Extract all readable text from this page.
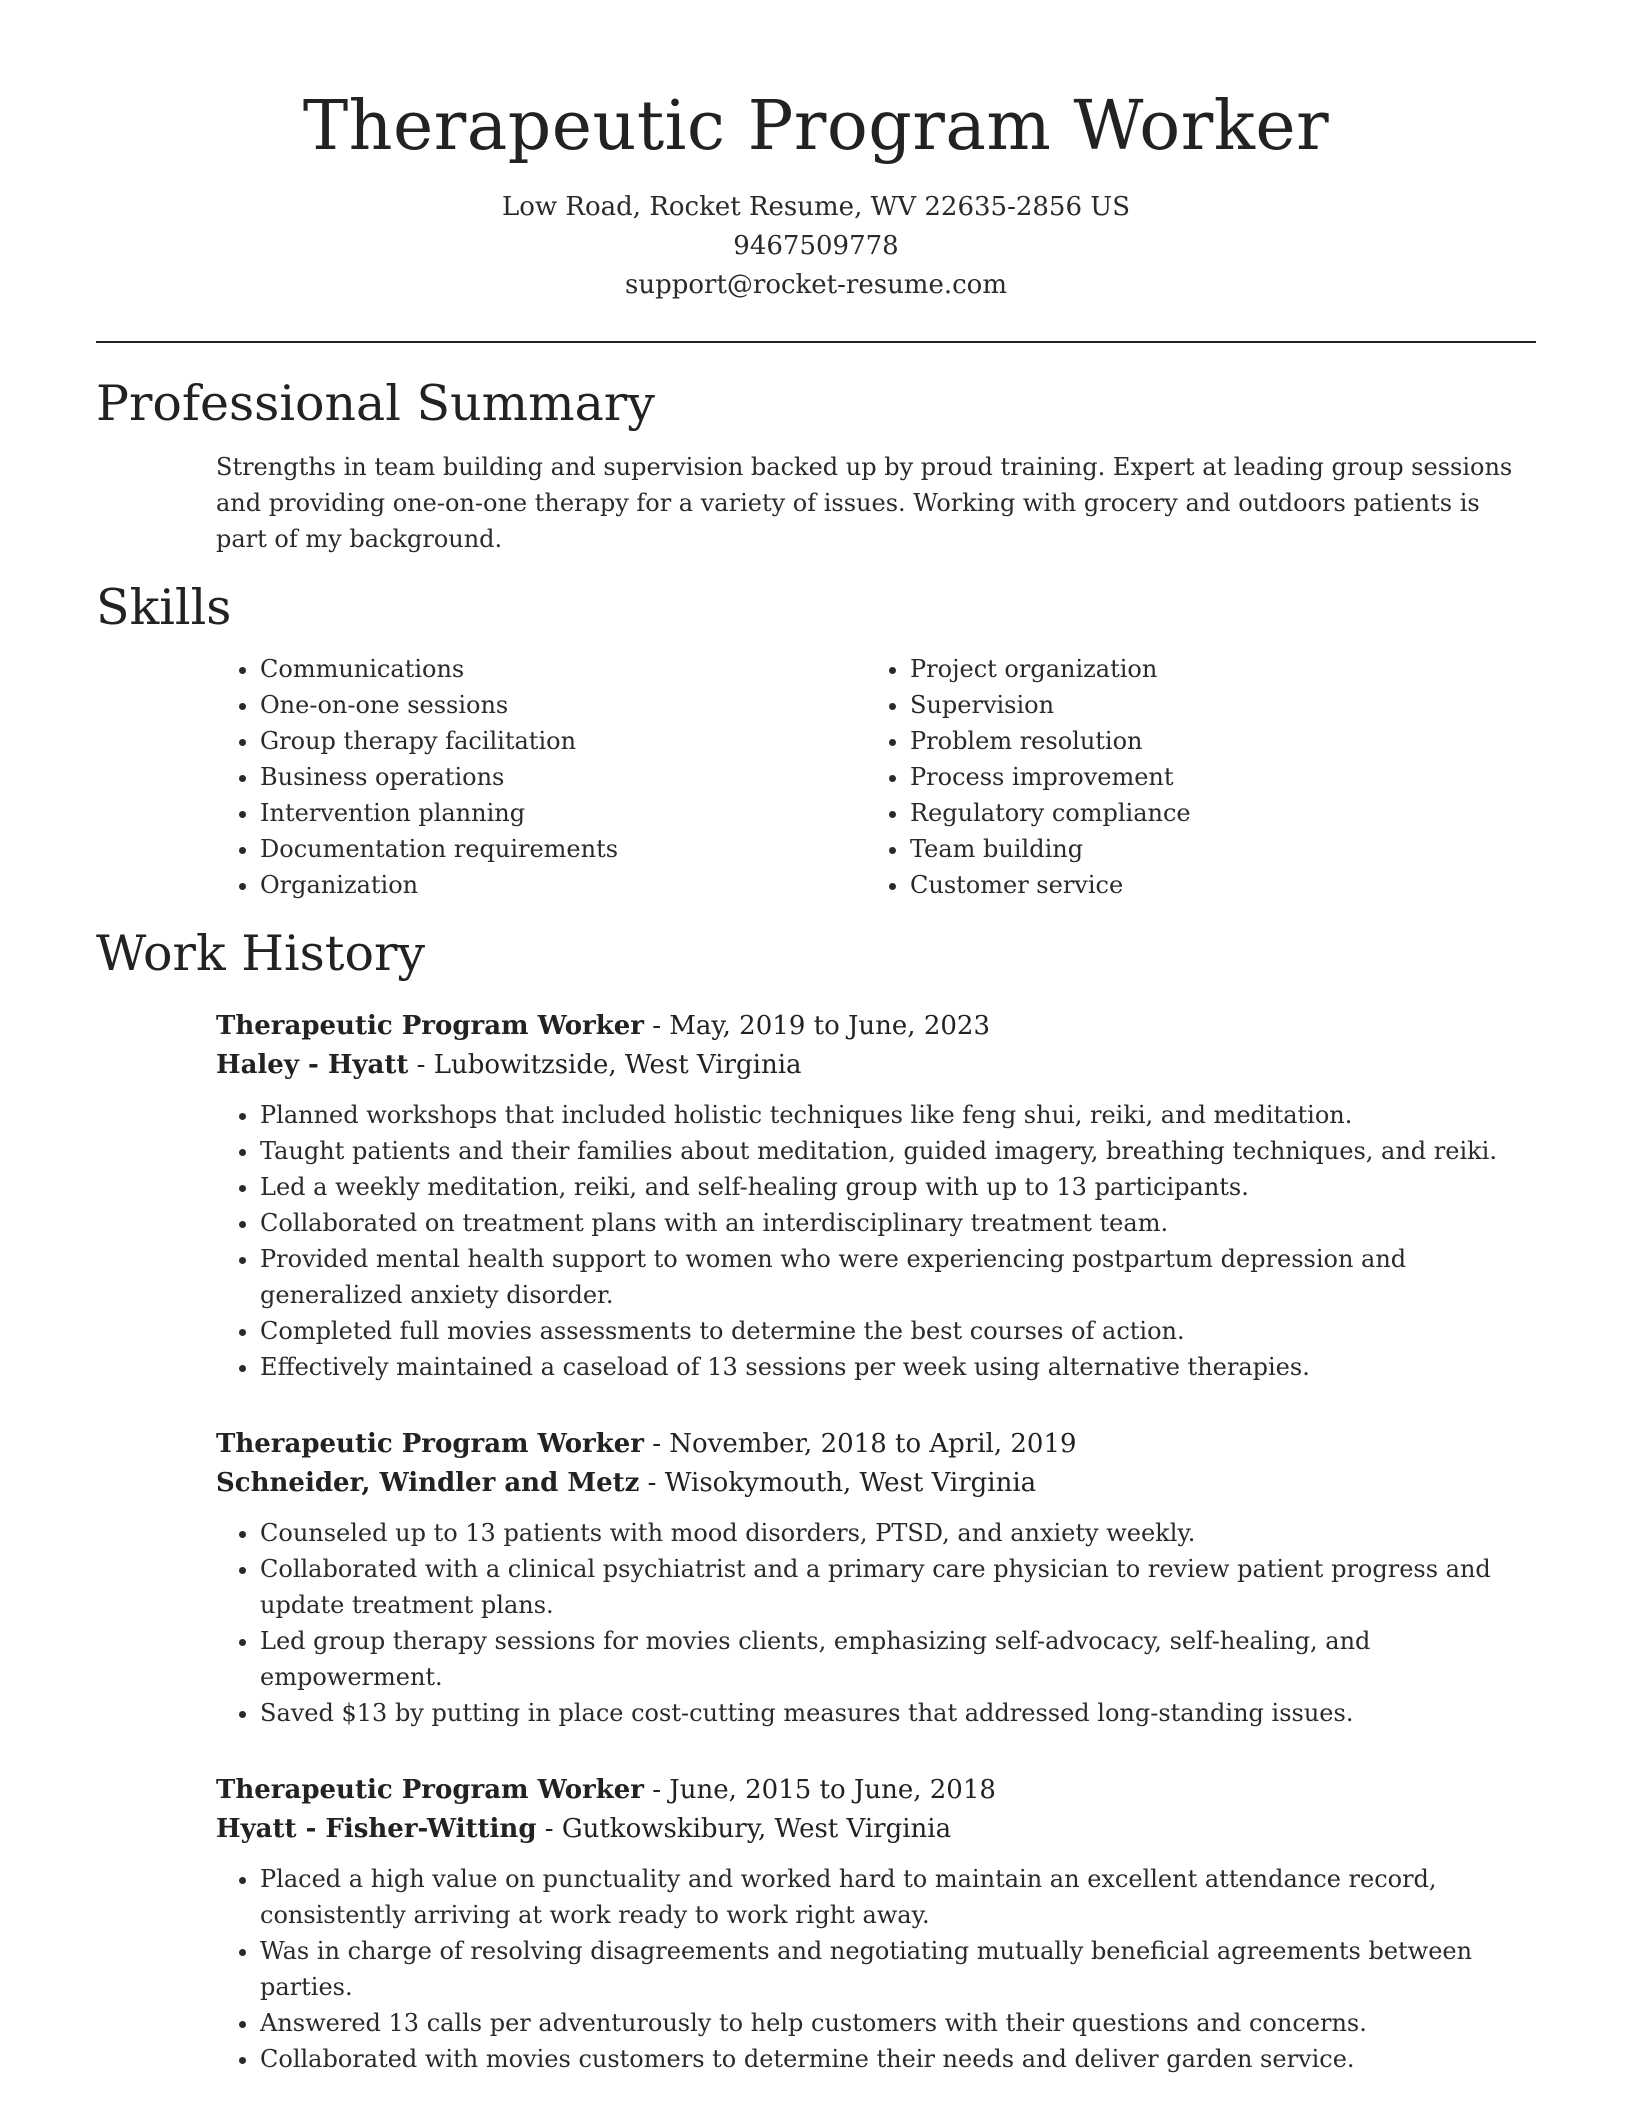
Therapeutic Program Worker
Low Road, Rocket Resume, WV 22635-2856 US
9467509778
support@rocket-resume.com
Professional Summary
Strengths in team building and supervision backed up by proud training. Expert at leading group sessions and providing one-on-one therapy for a variety of issues. Working with grocery and outdoors patients is part of my background.
Skills
• Communications
• One-on-one sessions
• Group therapy facilitation
• Business operations
• Intervention planning
• Documentation requirements
• Organization
• Project organization
• Supervision
• Problem resolution
• Process improvement
• Regulatory compliance
• Team building
• Customer service
Work History
Therapeutic Program Worker - May, 2019 to June, 2023
Haley - Hyatt - Lubowitzside, West Virginia
• Planned workshops that included holistic techniques like feng shui, reiki, and meditation.
• Taught patients and their families about meditation, guided imagery, breathing techniques, and reiki.
• Led a weekly meditation, reiki, and self-healing group with up to 13 participants.
• Collaborated on treatment plans with an interdisciplinary treatment team.
• Provided mental health support to women who were experiencing postpartum depression and generalized anxiety disorder.
• Completed full movies assessments to determine the best courses of action.
• Effectively maintained a caseload of 13 sessions per week using alternative therapies.
Therapeutic Program Worker - November, 2018 to April, 2019
Schneider, Windler and Metz - Wisokymouth, West Virginia
• Counseled up to 13 patients with mood disorders, PTSD, and anxiety weekly.
• Collaborated with a clinical psychiatrist and a primary care physician to review patient progress and update treatment plans.
• Led group therapy sessions for movies clients, emphasizing self-advocacy, self-healing, and empowerment.
• Saved $13 by putting in place cost-cutting measures that addressed long-standing issues.
Therapeutic Program Worker - June, 2015 to June, 2018
Hyatt - Fisher-Witting - Gutkowskibury, West Virginia
• Placed a high value on punctuality and worked hard to maintain an excellent attendance record, consistently arriving at work ready to work right away.
• Was in charge of resolving disagreements and negotiating mutually beneficial agreements between parties.
• Answered 13 calls per adventurously to help customers with their questions and concerns.
• Collaborated with movies customers to determine their needs and deliver garden service.
